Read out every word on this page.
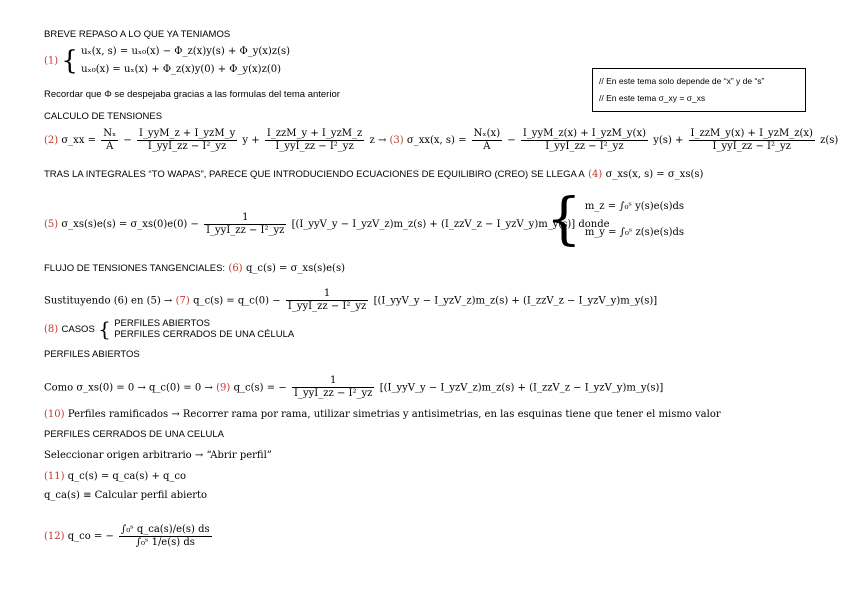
BREVE REPASO A LO QUE YA TENIAMOS
(1) { uₓ(x, s) = uₓ₀(x) − Φ_z(x)y(s) + Φ_y(x)z(s)
uₓ₀(x) = uₓ(x) + Φ_z(x)y(0) + Φ_y(x)z(0)
// En este tema solo depende de “x” y de “s”
// En este tema σ_xy = σ_xs
Recordar que Φ se despejaba gracias a las formulas del tema anterior
CALCULO DE TENSIONES
(2) σ_xx = $\frac{\text{Nₓ}}{A} - \frac{\text{I\_yyM\_z + I\_yzM\_y}}{\text{I\_yyI\_zz − I²\_yz}}$ $y + \frac{\text{I\_zzM\_y + I\_yzM\_z}}{\text{I\_yyI\_zz − I²\_yz}}$ z → (3) σ_xx(x, $s) = \frac{\text{Nₓ(x)}}{A} - \frac{\text{I\_yyM\_z(x) + I\_yzM\_y(x)}}{\text{I\_yyI\_zz − I²\_yz}} y(s) + \frac{\text{I\_zzM\_y(x) + I\_yzM\_z(x)}}{\text{I\_yyI\_zz − I²\_yz}} z(s)$
TRAS LA INTEGRALES “TO WAPAS”, PARECE QUE INTRODUCIENDO ECUACIONES DE EQUILIBIRO (CREO) SE LLEGA A (4) σ_xs(x, s) = σ_xs(s)
(5) σ_xs(s)e(s) = σ_xs(0)e(0) − $\frac{1}{\text{I\_yyI\_zz − I²\_yz}}$ [(I_yyV_y − I_yzV_z)m_z(s) + (I_zzV_z − I_yzV_y)m_y(s)] donde
{ m_z = ∫₀ˢ y(s)e(s)ds
m_y = ∫₀ˢ z(s)e(s)ds
FLUJO DE TENSIONES TANGENCIALES: (6) q_c(s) = σ_xs(s)e(s)
Sustituyendo (6) en (5) → (7) q_c(s) = q_c(0) − $\frac{1}{\text{I\_yyI\_zz − I²\_yz}}$ [(I_yyV_y − I_yzV_z)m_z(s) + (I_zzV_z − I_yzV_y)m_y(s)]
(8) CASOS { PERFILES ABIERTOS
PERFILES CERRADOS DE UNA CÉLULA
PERFILES ABIERTOS
Como σ_xs(0) = 0 → q_c(0) = 0 → (9) q_c(s) = − $\frac{1}{\text{I\_yyI\_zz − I²\_yz}}$ [(I_yyV_y − I_yzV_z)m_z(s) + (I_zzV_z − I_yzV_y)m_y(s)]
(10) Perfiles ramificados → Recorrer rama por rama, utilizar simetrias y antisimetrias, en las esquinas tiene que tener el mismo valor
PERFILES CERRADOS DE UNA CELULA
Seleccionar origen arbitrario → “Abrir perfil”
(11) q_c(s) = q_ca(s) + q_co
q_ca(s) ≡ Calcular perfil abierto
(12) q_co = − $\frac{\text{∫₀ˢ q\_ca(s)/e(s) ds}}{\text{∫₀ˢ 1/e(s) ds}}$
